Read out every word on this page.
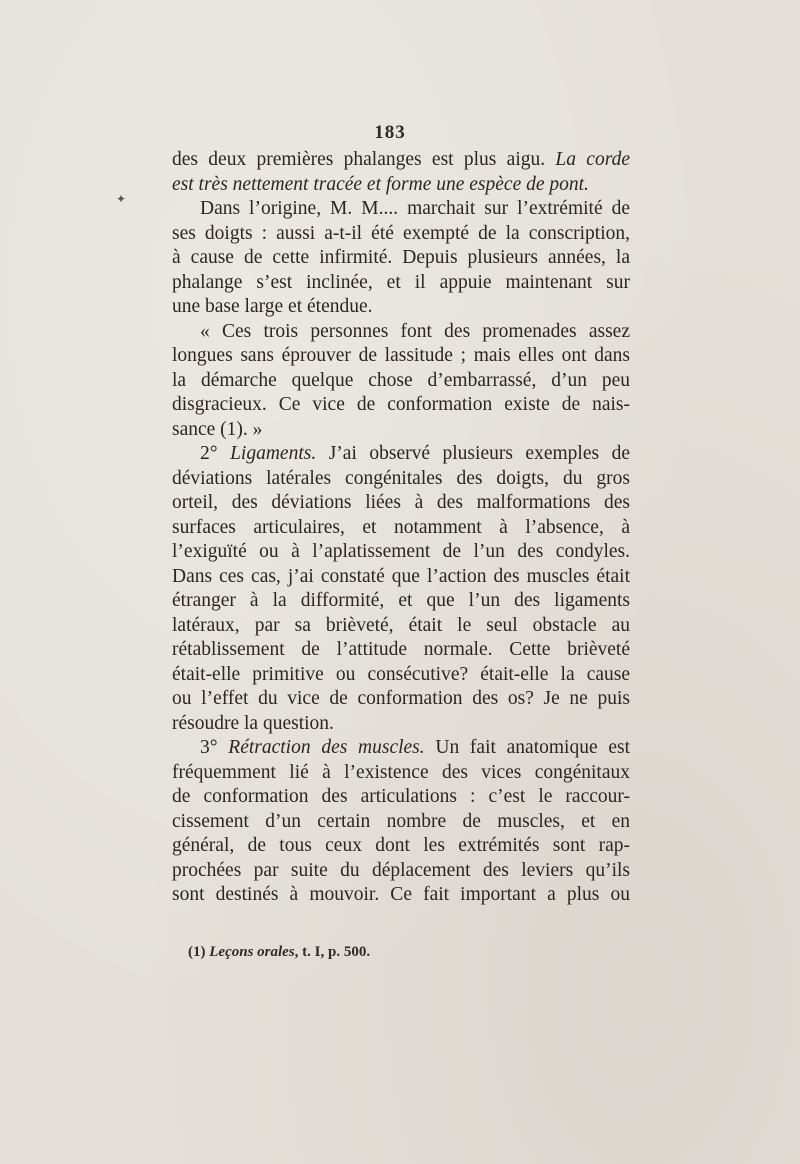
183
des deux premières phalanges est plus aigu. La corde
est très nettement tracée et forme une espèce de pont.
Dans l’origine, M. M.... marchait sur l’extrémité de
ses doigts : aussi a-t-il été exempté de la conscription,
à cause de cette infirmité. Depuis plusieurs années, la
phalange s’est inclinée, et il appuie maintenant sur
une base large et étendue.
« Ces trois personnes font des promenades assez
longues sans éprouver de lassitude ; mais elles ont dans
la démarche quelque chose d’embarrassé, d’un peu
disgracieux. Ce vice de conformation existe de nais-
sance (1). »
2° Ligaments. J’ai observé plusieurs exemples de
déviations latérales congénitales des doigts, du gros
orteil, des déviations liées à des malformations des
surfaces articulaires, et notamment à l’absence, à
l’exiguïté ou à l’aplatissement de l’un des condyles.
Dans ces cas, j’ai constaté que l’action des muscles était
étranger à la difformité, et que l’un des ligaments
latéraux, par sa brièveté, était le seul obstacle au
rétablissement de l’attitude normale. Cette brièveté
était-elle primitive ou consécutive? était-elle la cause
ou l’effet du vice de conformation des os? Je ne puis
résoudre la question.
3° Rétraction des muscles. Un fait anatomique est
fréquemment lié à l’existence des vices congénitaux
de conformation des articulations : c’est le raccour-
cissement d’un certain nombre de muscles, et en
général, de tous ceux dont les extrémités sont rap-
prochées par suite du déplacement des leviers qu’ils
sont destinés à mouvoir. Ce fait important a plus ou
(1) Leçons orales, t. I, p. 500.
✦
